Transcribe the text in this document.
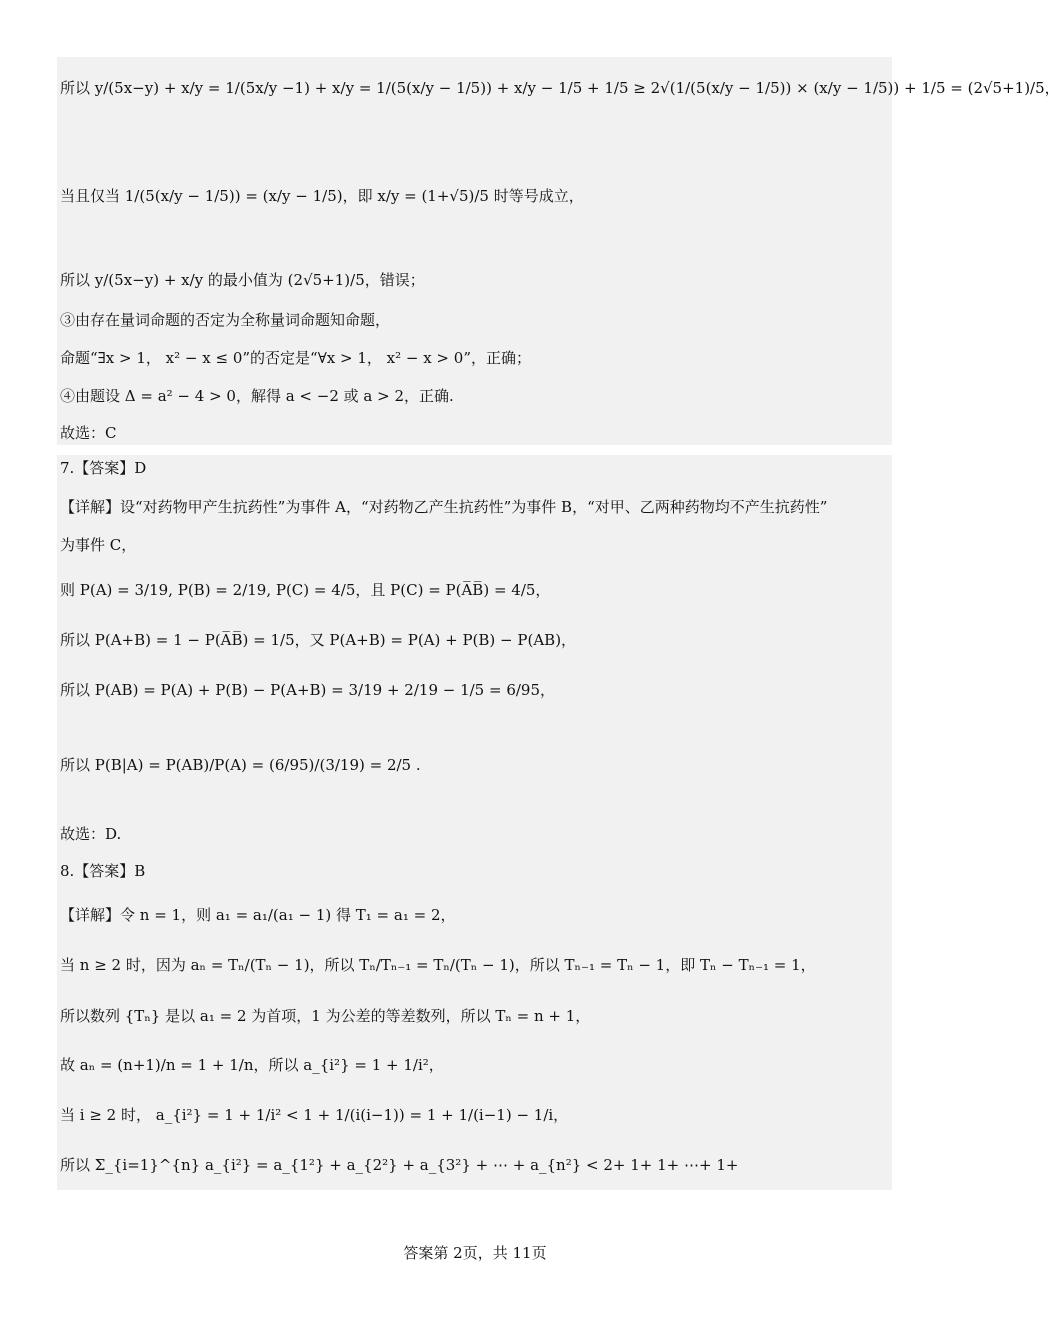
所以 y/(5x−y) + x/y = 1/(5x/y −1) + x/y = 1/(5(x/y − 1/5)) + x/y − 1/5 + 1/5 ≥ 2√(1/(5(x/y − 1/5)) × (x/y − 1/5)) + 1/5 = (2√5+1)/5，
当且仅当 1/(5(x/y − 1/5)) = (x/y − 1/5)，即 x/y = (1+√5)/5 时等号成立，
所以 y/(5x−y) + x/y 的最小值为 (2√5+1)/5，错误；
③由存在量词命题的否定为全称量词命题知命题，
命题“∃x > 1， x² − x ≤ 0”的否定是“∀x > 1， x² − x > 0”，正确；
④由题设 Δ = a² − 4 > 0，解得 a < −2 或 a > 2，正确.
故选：C
7.【答案】D
【详解】设“对药物甲产生抗药性”为事件 A，“对药物乙产生抗药性”为事件 B，“对甲、乙两种药物均不产生抗药性”
为事件 C，
则 P(A) = 3/19, P(B) = 2/19, P(C) = 4/5，且 P(C) = P(A̅B̅) = 4/5，
所以 P(A+B) = 1 − P(A̅B̅) = 1/5，又 P(A+B) = P(A) + P(B) − P(AB)，
所以 P(AB) = P(A) + P(B) − P(A+B) = 3/19 + 2/19 − 1/5 = 6/95，
所以 P(B|A) = P(AB)/P(A) = (6/95)/(3/19) = 2/5 .
故选：D.
8.【答案】B
【详解】令 n = 1，则 a₁ = a₁/(a₁ − 1) 得 T₁ = a₁ = 2，
当 n ≥ 2 时，因为 aₙ = Tₙ/(Tₙ − 1)，所以 Tₙ/Tₙ₋₁ = Tₙ/(Tₙ − 1)，所以 Tₙ₋₁ = Tₙ − 1，即 Tₙ − Tₙ₋₁ = 1，
所以数列 {Tₙ} 是以 a₁ = 2 为首项，1 为公差的等差数列，所以 Tₙ = n + 1，
故 aₙ = (n+1)/n = 1 + 1/n，所以 a_{i²} = 1 + 1/i²，
当 i ≥ 2 时， a_{i²} = 1 + 1/i² < 1 + 1/(i(i−1)) = 1 + 1/(i−1) − 1/i，
所以 Σ_{i=1}^{n} a_{i²} = a_{1²} + a_{2²} + a_{3²} + ⋯ + a_{n²} < 2+ 1+ 1+ ⋯+ 1+
答案第 2页，共 11页
